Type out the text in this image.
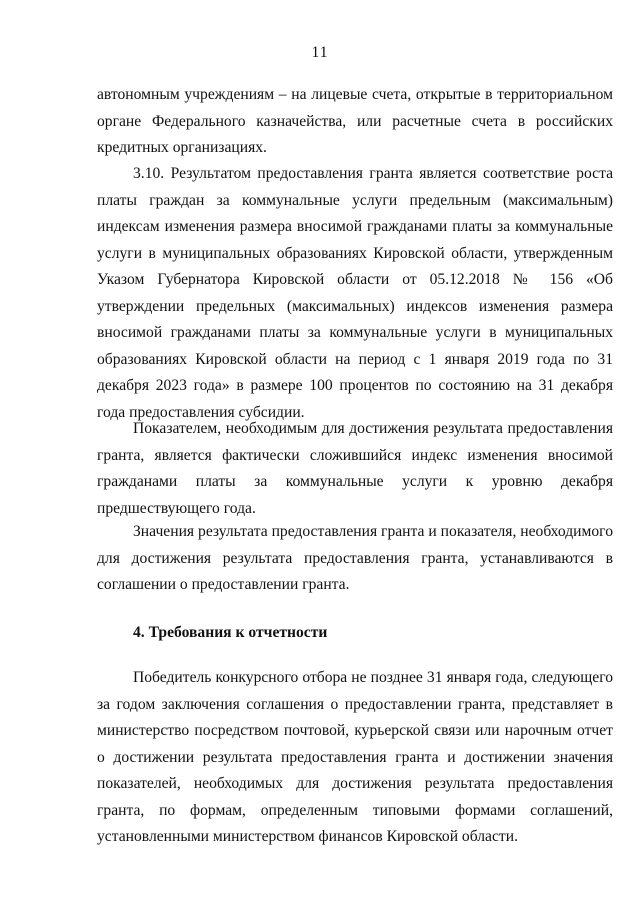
11

автономным учреждениям – на лицевые счета, открытые в территориальном органе Федерального казначейства, или расчетные счета в российских кредитных организациях.

3.10. Результатом предоставления гранта является соответствие роста платы граждан за коммунальные услуги предельным (максимальным) индексам изменения размера вносимой гражданами платы за коммунальные услуги в муниципальных образованиях Кировской области, утвержденным Указом Губернатора Кировской области от 05.12.2018 № 156 «Об утверждении предельных (максимальных) индексов изменения размера вносимой гражданами платы за коммунальные услуги в муниципальных образованиях Кировской области на период с 1 января 2019 года по 31 декабря 2023 года» в размере 100 процентов по состоянию на 31 декабря года предоставления субсидии.

Показателем, необходимым для достижения результата предоставления гранта, является фактически сложившийся индекс изменения вносимой гражданами платы за коммунальные услуги к уровню декабря предшествующего года.

Значения результата предоставления гранта и показателя, необходимого для достижения результата предоставления гранта, устанавливаются в соглашении о предоставлении гранта.

4. Требования к отчетности

Победитель конкурсного отбора не позднее 31 января года, следующего за годом заключения соглашения о предоставлении гранта, представляет в министерство посредством почтовой, курьерской связи или нарочным отчет о достижении результата предоставления гранта и достижении значения показателей, необходимых для достижения результата предоставления гранта, по формам, определенным типовыми формами соглашений, установленными министерством финансов Кировской области.
